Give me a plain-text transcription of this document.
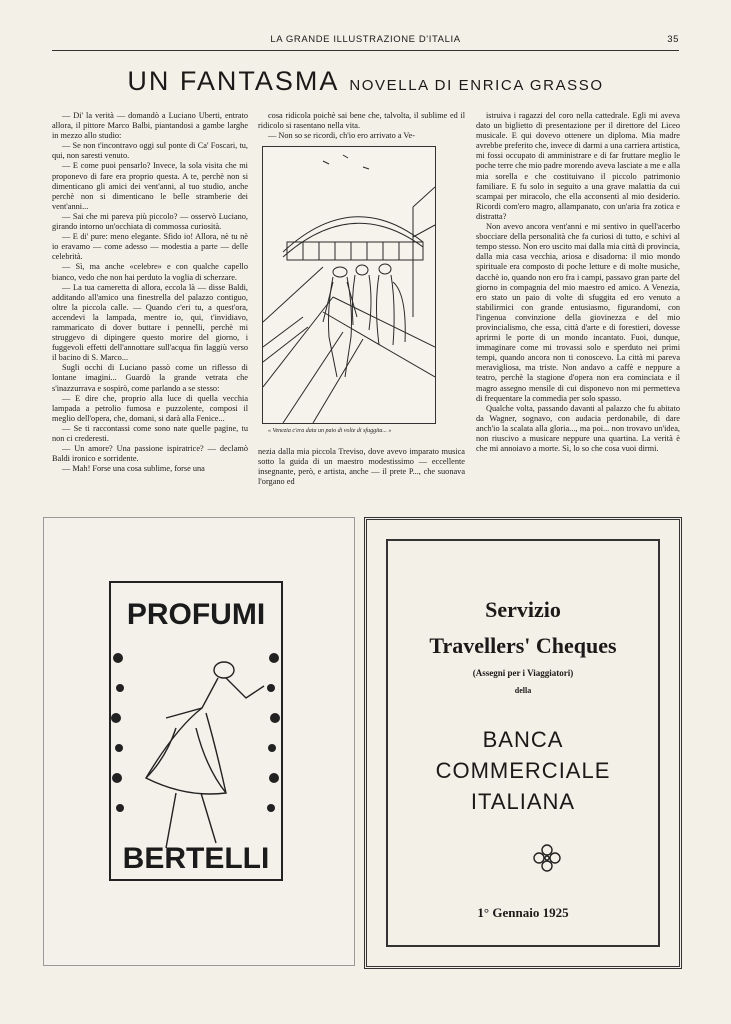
LA GRANDE ILLUSTRAZIONE D'ITALIA	35
UN FANTASMA NOVELLA DI ENRICA GRASSO

— Di' la verità — domandò a Luciano Uberti, entrato allora, il pittore Marco Balbi, piantandosi a gambe larghe in mezzo allo studio:

— Se non t'incontravo oggi sul ponte di Ca' Foscari, tu, qui, non saresti venuto.

— E come puoi pensarlo? Invece, la sola visita che mi proponevo di fare era proprio questa. A te, perchè non si dimenticano gli amici dei vent'anni, al tuo studio, anche perchè non si dimenticano le belle stramberie dei vent'anni...

— Sai che mi pareva più piccolo? — osservò Luciano, girando intorno un'occhiata di commossa curiosità.

— E di' pure: meno elegante. Sfido io! Allora, nè tu nè io eravamo — come adesso — modestia a parte — delle celebrità.

— Sì, ma anche «celebre» e con qualche capello bianco, vedo che non hai perduto la voglia di scherzare.

— La tua cameretta di allora, eccola là — disse Baldi, additando all'amico una finestrella del palazzo contiguo, oltre la piccola calle. — Quando c'eri tu, a quest'ora, accendevi la lampada, mentre io, qui, t'invidiavo, rammaricato di dover buttare i pennelli, perchè mi struggevo di dipingere questo morire del giorno, i fuggevoli effetti dell'annottare sull'acqua fin laggiù verso il bacino di S. Marco...

Sugli occhi di Luciano passò come un riflesso di lontane imagini... Guardò la grande vetrata che s'inazzurrava e sospirò, come parlando a se stesso:

— E dire che, proprio alla luce di quella vecchia lampada a petrolio fumosa e puzzolente, composi il meglio dell'opera, che, domani, si darà alla Fenice...

— Se ti raccontassi come sono nate quelle pagine, tu non ci crederesti.

— Un amore? Una passione ispiratrice? — declamò Baldi ironico e sorridente.

— Mah! Forse una cosa sublime, forse una

cosa ridicola poichè sai bene che, talvolta, il sublime ed il ridicolo si rasentano nella vita.

— Non so se ricordi, ch'io ero arrivato a Ve-

« Venezia c'era data un paio di volte di sfuggita... »

nezia dalla mia piccola Treviso, dove avevo imparato musica sotto la guida di un maestro modestissimo — eccellente insegnante, però, e artista, anche — il prete P..., che suonava l'organo ed

istruiva i ragazzi del coro nella cattedrale. Egli mi aveva dato un biglietto di presentazione per il direttore del Liceo musicale. E qui dovevo ottenere un diploma. Mia madre avrebbe preferito che, invece di darmi a una carriera artistica, mi fossi occupato di amministrare e di far fruttare meglio le poche terre che mio padre morendo aveva lasciate a me e alla mia sorella e che costituivano il piccolo patrimonio familiare. E fu solo in seguito a una grave malattia da cui scampai per miracolo, che ella acconsentì al mio desiderio. Ricordi com'ero magro, allampanato, con un'aria fra zotica e distratta?

Non avevo ancora vent'anni e mi sentivo in quell'acerbo sbocciare della personalità che fa curiosi di tutto, e schivi al tempo stesso. Non ero uscito mai dalla mia città di provincia, dalla mia casa vecchia, ariosa e disadorna: il mio mondo spirituale era composto di poche letture e di molte musiche, dacchè io, quando non ero fra i campi, passavo gran parte del giorno in compagnia del mio maestro ed amico. A Venezia, ero stato un paio di volte di sfuggita ed ero venuto a stabilirmici con grande entusiasmo, figurandomi, con l'ingenua convinzione della giovinezza e del mio provincialismo, che essa, città d'arte e di forestieri, dovesse aprirmi le porte di un mondo incantato. Fuoi, dunque, immaginare come mi trovassi solo e sperduto nei primi tempi, quando ancora non ti conoscevo. La città mi pareva meravigliosa, ma triste. Non andavo a caffè e neppure a teatro, perchè la stagione d'opera non era cominciata e il magro assegno mensile di cui disponevo non mi permetteva di frequentare la commedia per solo spasso.

Qualche volta, passando davanti al palazzo che fu abitato da Wagner, sognavo, con audacia perdonabile, di dare anch'io la scalata alla gloria..., ma poi... non trovavo un'idea, non riuscivo a musicare neppure una quartina. La verità è che mi annoiavo a morte. Sì, lo so che cosa vuoi dirmi.

PROFUMI
BERTELLI
Servizio
Travellers' Cheques
(Assegni per i Viaggiatori)
della
BANCA
COMMERCIALE
ITALIANA
1° Gennaio 1925
